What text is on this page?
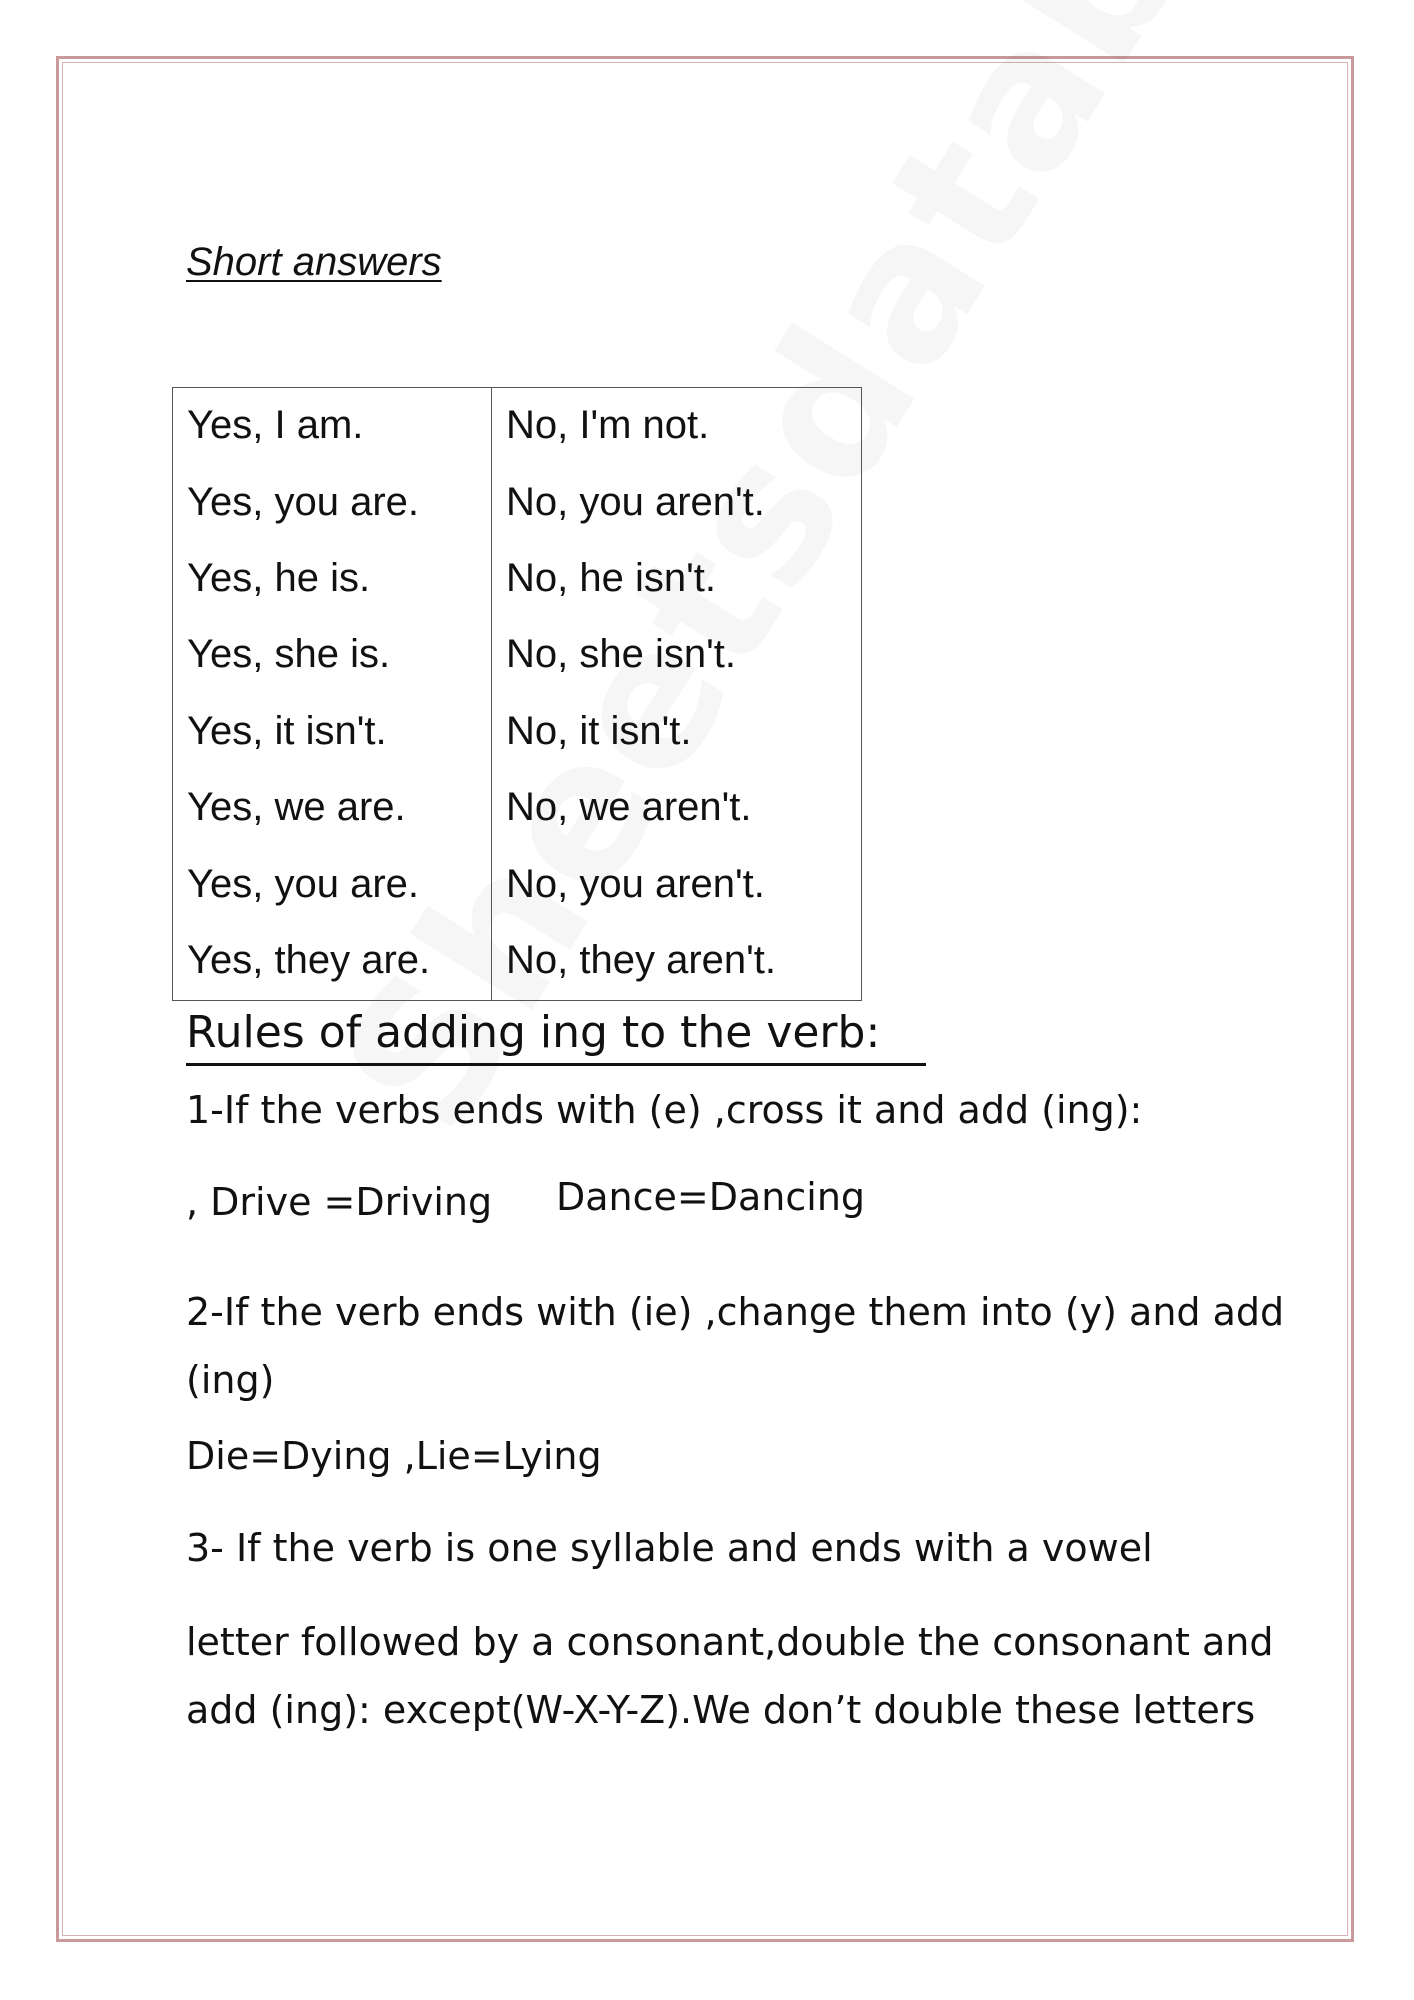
Short answers
Yes, I am.	No, I'm not.
Yes, you are.	No, you aren't.
Yes, he is.	No, he isn't.
Yes, she is.	No, she isn't.
Yes, it isn't.	No, it isn't.
Yes, we are.	No, we aren't.
Yes, you are.	No, you aren't.
Yes, they are.	No, they aren't.
Rules of adding ing to the verb:
1-If the verbs ends with (e) ,cross it and add (ing):
, Drive =Driving Dance=Dancing
2-If the verb ends with (ie) ,change them into (y) and add (ing)
Die=Dying ,Lie=Lying
3- If the verb is one syllable and ends with a vowel
letter followed by a consonant,double the consonant and add (ing): except(W-X-Y-Z).We don’t double these letters
